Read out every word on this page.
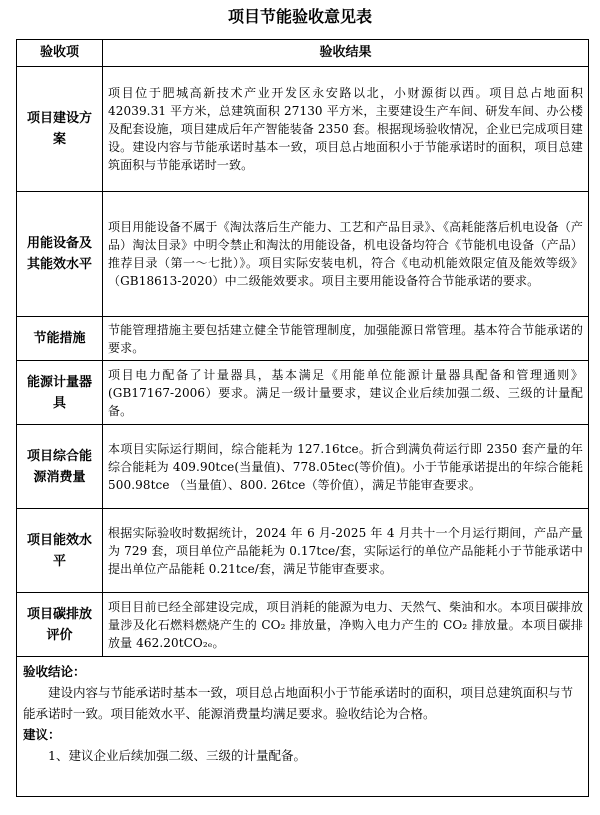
项目节能验收意见表
验收项	验收结果
项目建设方案	项目位于肥城高新技术产业开发区永安路以北，小财源街以西。项目总占地面积 42039.31 平方米，总建筑面积 27130 平方米，主要建设生产车间、研发车间、办公楼及配套设施，项目建成后年产智能装备 2350 套。根据现场验收情况，企业已完成项目建设。建设内容与节能承诺时基本一致，项目总占地面积小于节能承诺时的面积，项目总建筑面积与节能承诺时一致。
用能设备及其能效水平	项目用能设备不属于《淘汰落后生产能力、工艺和产品目录》、《高耗能落后机电设备（产品）淘汰目录》中明令禁止和淘汰的用能设备，机电设备均符合《节能机电设备（产品）推荐目录（第一～七批）》。项目实际安装电机，符合《电动机能效限定值及能效等级》（GB18613-2020）中二级能效要求。项目主要用能设备符合节能承诺的要求。
节能措施	节能管理措施主要包括建立健全节能管理制度，加强能源日常管理。基本符合节能承诺的要求。
能源计量器具	项目电力配备了计量器具，基本满足《用能单位能源计量器具配备和管理通则》(GB17167-2006）要求。满足一级计量要求，建议企业后续加强二级、三级的计量配备。
项目综合能源消费量	本项目实际运行期间，综合能耗为 127.16tce。折合到满负荷运行即 2350 套产量的年综合能耗为 409.90tce(当量值)、778.05tec(等价值)。小于节能承诺提出的年综合能耗 500.98tce （当量值）、800. 26tce（等价值），满足节能审查要求。
项目能效水平	根据实际验收时数据统计，2024 年 6 月-2025 年 4 月共十一个月运行期间，产品产量为 729 套，项目单位产品能耗为 0.17tce/套，实际运行的单位产品能耗小于节能承诺中提出单位产品能耗 0.21tce/套，满足节能审查要求。
项目碳排放评价	项目目前已经全部建设完成，项目消耗的能源为电力、天然气、柴油和水。本项目碳排放量涉及化石燃料燃烧产生的 CO₂ 排放量，净购入电力产生的 CO₂ 排放量。本项目碳排放量 462.20tCO₂ₑ。

验收结论：
建设内容与节能承诺时基本一致，项目总占地面积小于节能承诺时的面积，项目总建筑面积与节能承诺时一致。项目能效水平、能源消费量均满足要求。验收结论为合格。
建议：
1、建议企业后续加强二级、三级的计量配备。	
